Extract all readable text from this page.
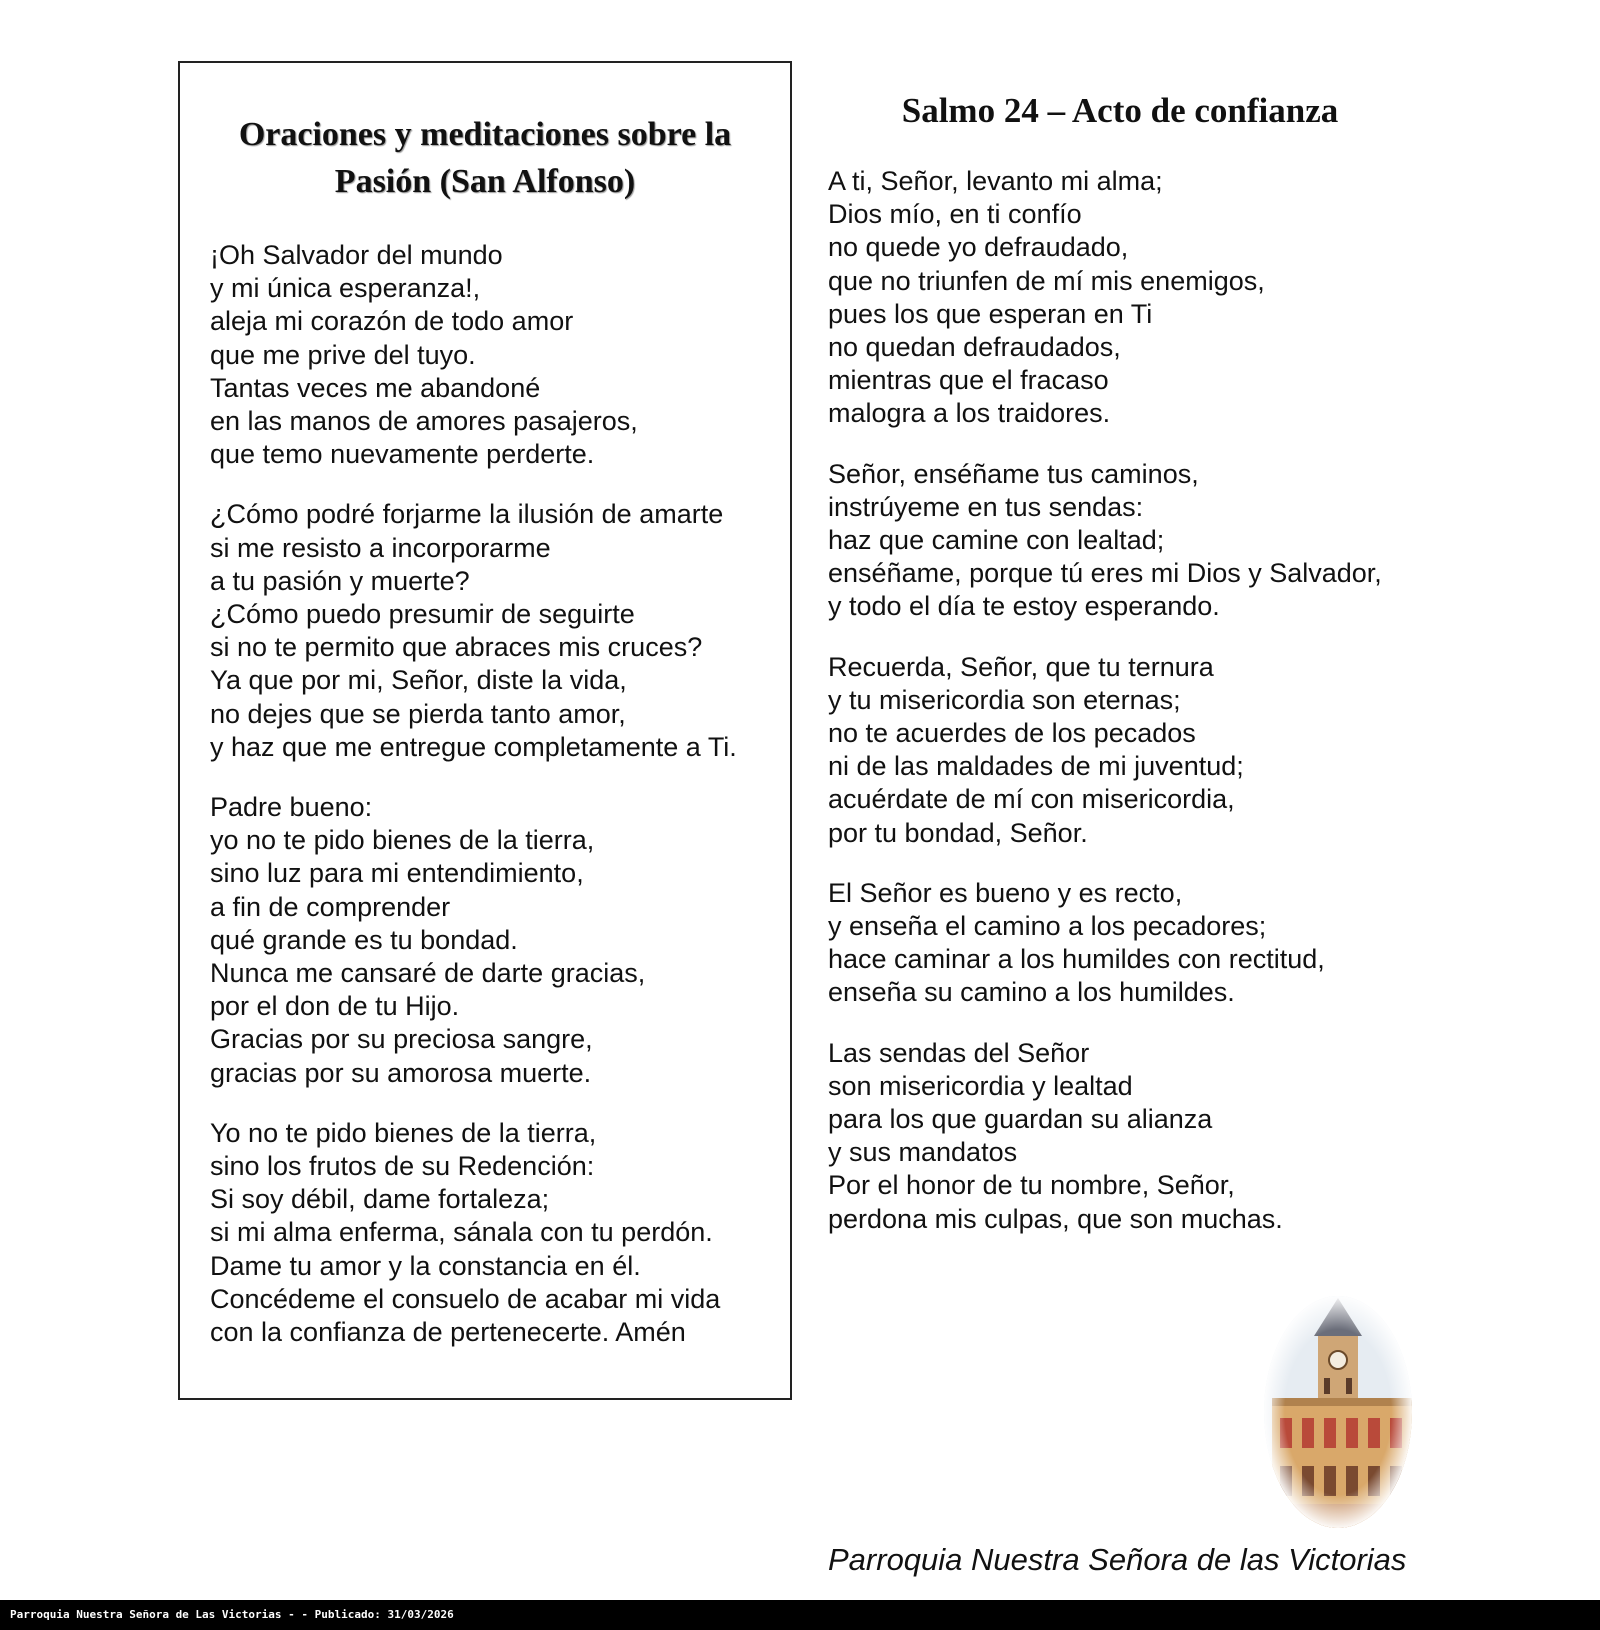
Oraciones y meditaciones sobre la
Pasión (San Alfonso)
¡Oh Salvador del mundo
y mi única esperanza!,
aleja mi corazón de todo amor
que me prive del tuyo.
Tantas veces me abandoné
en las manos de amores pasajeros,
que temo nuevamente perderte.
¿Cómo podré forjarme la ilusión de amarte
si me resisto a incorporarme
a tu pasión y muerte?
¿Cómo puedo presumir de seguirte
si no te permito que abraces mis cruces?
Ya que por mi, Señor, diste la vida,
no dejes que se pierda tanto amor,
y haz que me entregue completamente a Ti.
Padre bueno:
yo no te pido bienes de la tierra,
sino luz para mi entendimiento,
a fin de comprender
qué grande es tu bondad.
Nunca me cansaré de darte gracias,
por el don de tu Hijo.
Gracias por su preciosa sangre,
gracias por su amorosa muerte.
Yo no te pido bienes de la tierra,
sino los frutos de su Redención:
Si soy débil, dame fortaleza;
si mi alma enferma, sánala con tu perdón.
Dame tu amor y la constancia en él.
Concédeme el consuelo de acabar mi vida
con la confianza de pertenecerte. Amén
Salmo 24 – Acto de confianza
A ti, Señor, levanto mi alma;
Dios mío, en ti confío
no quede yo defraudado,
que no triunfen de mí mis enemigos,
pues los que esperan en Ti
no quedan defraudados,
mientras que el fracaso
malogra a los traidores.
Señor, enséñame tus caminos,
instrúyeme en tus sendas:
haz que camine con lealtad;
enséñame, porque tú eres mi Dios y Salvador,
y todo el día te estoy esperando.
Recuerda, Señor, que tu ternura
y tu misericordia son eternas;
no te acuerdes de los pecados
ni de las maldades de mi juventud;
acuérdate de mí con misericordia,
por tu bondad, Señor.
El Señor es bueno y es recto,
y enseña el camino a los pecadores;
hace caminar a los humildes con rectitud,
enseña su camino a los humildes.
Las sendas del Señor
son misericordia y lealtad
para los que guardan su alianza
y sus mandatos
Por el honor de tu nombre, Señor,
perdona mis culpas, que son muchas.
Parroquia Nuestra Señora de las Victorias
Parroquia Nuestra Señora de Las Victorias - - Publicado: 31/03/2026
